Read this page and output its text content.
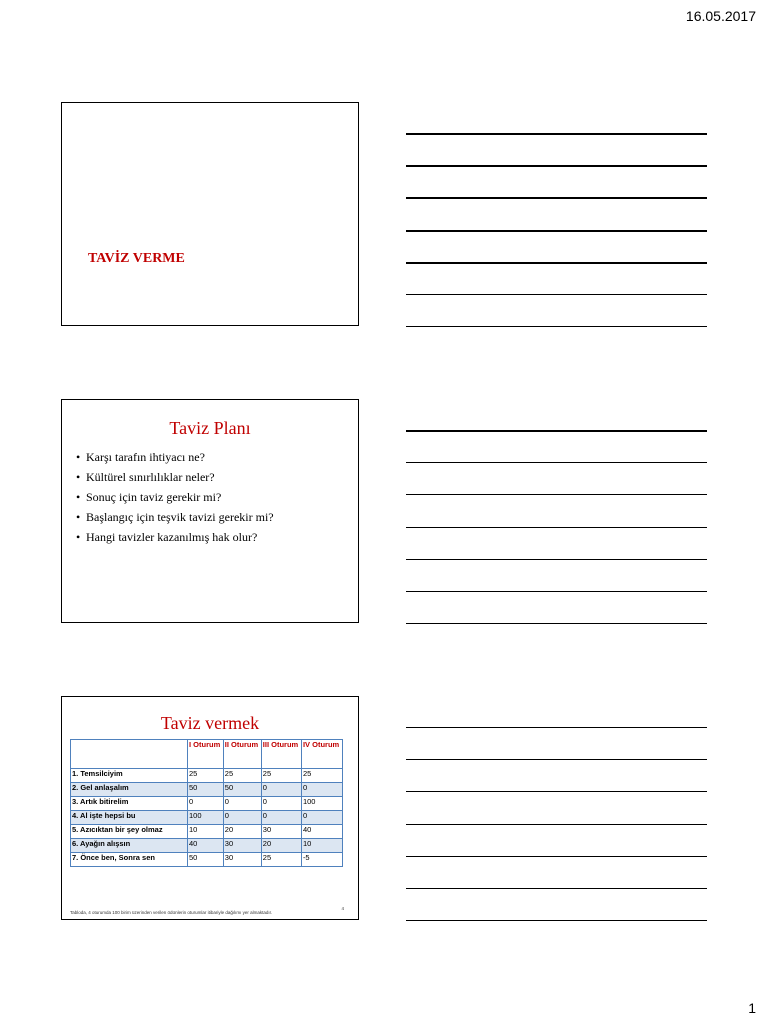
16.05.2017
TAVİZ VERME
Taviz Planı
• Karşı tarafın ihtiyacı ne?
• Kültürel sınırlılıklar neler?
• Sonuç için taviz gerekir mi?
• Başlangıç için teşvik tavizi gerekir mi?
• Hangi tavizler kazanılmış hak olur?
Taviz vermek
	I Oturum	II Oturum	III Oturum	IV Oturum
1. Temsilciyim	25	25	25	25
2. Gel anlaşalım	50	50	0	0
3. Artık bitirelim	0	0	0	100
4. Al işte hepsi bu	100	0	0	0
5. Azıcıktan bir şey olmaz	10	20	30	40
6. Ayağın alışsın	40	30	20	10
7. Önce ben, Sonra sen	50	30	25	-5
Tabloda, 4 oturumda 100 birim üzerinden verilen ödünlerin oturumlar itibariyle dağılımı yer almaktadır.
4
1
